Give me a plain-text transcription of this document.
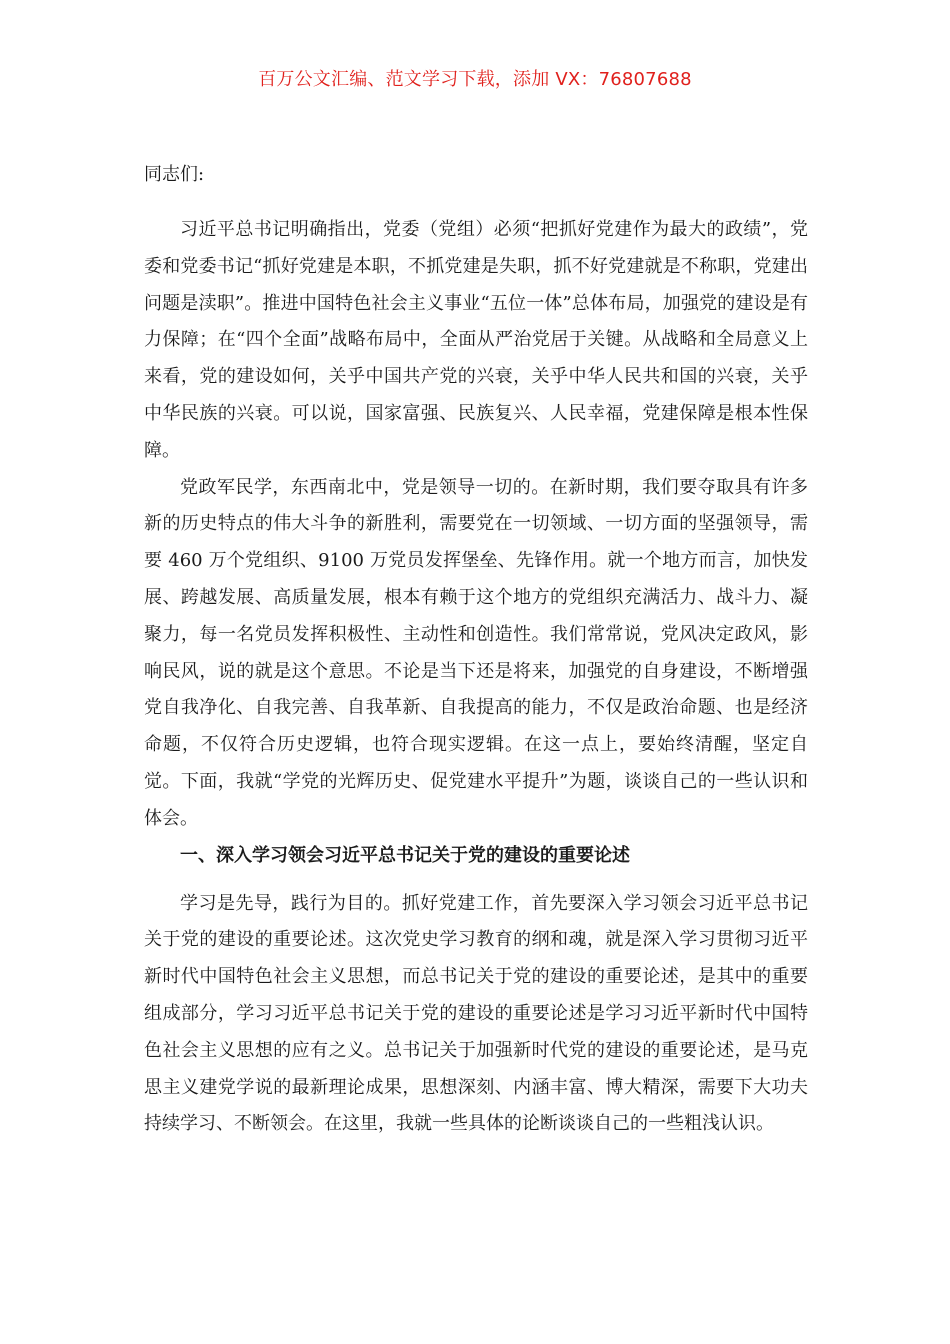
百万公文汇编、范文学习下载，添加 VX：76807688

同志们:

习近平总书记明确指出，党委（党组）必须“把抓好党建作为最大的政绩”，党委和党委书记“抓好党建是本职，不抓党建是失职，抓不好党建就是不称职，党建出问题是渎职”。推进中国特色社会主义事业“五位一体”总体布局，加强党的建设是有力保障；在“四个全面”战略布局中，全面从严治党居于关键。从战略和全局意义上来看，党的建设如何，关乎中国共产党的兴衰，关乎中华人民共和国的兴衰，关乎中华民族的兴衰。可以说，国家富强、民族复兴、人民幸福，党建保障是根本性保障。

党政军民学，东西南北中，党是领导一切的。在新时期，我们要夺取具有许多新的历史特点的伟大斗争的新胜利，需要党在一切领域、一切方面的坚强领导，需要 460 万个党组织、9100 万党员发挥堡垒、先锋作用。就一个地方而言，加快发展、跨越发展、高质量发展，根本有赖于这个地方的党组织充满活力、战斗力、凝聚力，每一名党员发挥积极性、主动性和创造性。我们常常说，党风决定政风，影响民风，说的就是这个意思。不论是当下还是将来，加强党的自身建设，不断增强党自我净化、自我完善、自我革新、自我提高的能力，不仅是政治命题、也是经济命题，不仅符合历史逻辑，也符合现实逻辑。在这一点上，要始终清醒，坚定自觉。下面，我就“学党的光辉历史、促党建水平提升”为题，谈谈自己的一些认识和体会。

一、深入学习领会习近平总书记关于党的建设的重要论述

学习是先导，践行为目的。抓好党建工作，首先要深入学习领会习近平总书记关于党的建设的重要论述。这次党史学习教育的纲和魂，就是深入学习贯彻习近平新时代中国特色社会主义思想，而总书记关于党的建设的重要论述，是其中的重要组成部分，学习习近平总书记关于党的建设的重要论述是学习习近平新时代中国特色社会主义思想的应有之义。总书记关于加强新时代党的建设的重要论述，是马克思主义建党学说的最新理论成果，思想深刻、内涵丰富、博大精深，需要下大功夫持续学习、不断领会。在这里，我就一些具体的论断谈谈自己的一些粗浅认识。
